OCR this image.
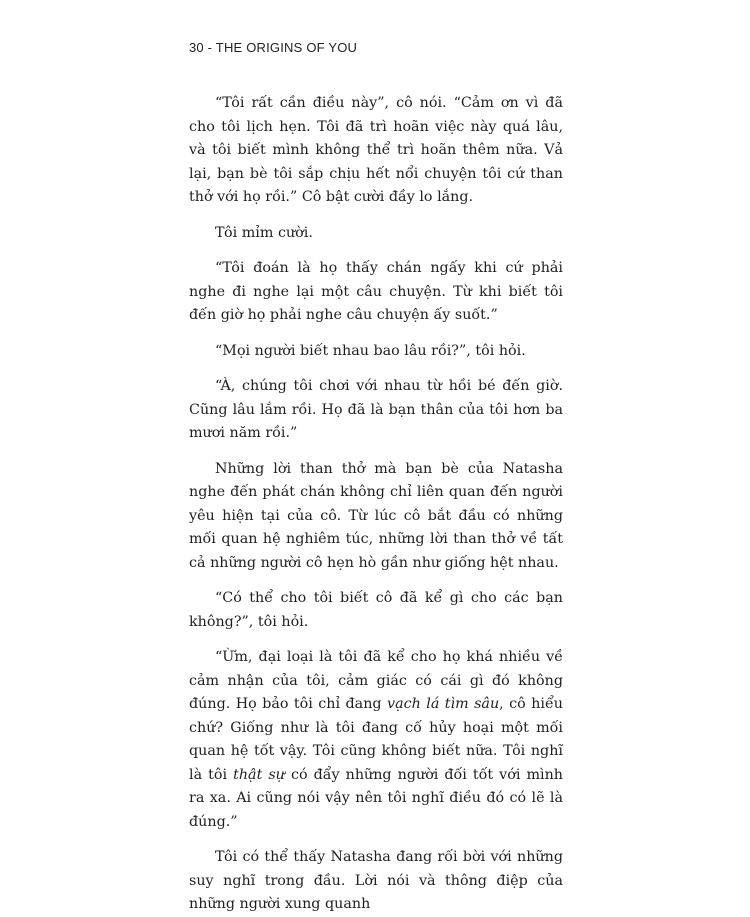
30 - THE ORIGINS OF YOU

“Tôi rất cần điều này”, cô nói. “Cảm ơn vì đã cho tôi lịch hẹn. Tôi đã trì hoãn việc này quá lâu, và tôi biết mình không thể trì hoãn thêm nữa. Vả lại, bạn bè tôi sắp chịu hết nổi chuyện tôi cứ than thở với họ rồi.” Cô bật cười đầy lo lắng.

Tôi mỉm cười.

“Tôi đoán là họ thấy chán ngấy khi cứ phải nghe đi nghe lại một câu chuyện. Từ khi biết tôi đến giờ họ phải nghe câu chuyện ấy suốt.”

“Mọi người biết nhau bao lâu rồi?”, tôi hỏi.

“À, chúng tôi chơi với nhau từ hồi bé đến giờ. Cũng lâu lắm rồi. Họ đã là bạn thân của tôi hơn ba mươi năm rồi.”

Những lời than thở mà bạn bè của Natasha nghe đến phát chán không chỉ liên quan đến người yêu hiện tại của cô. Từ lúc cô bắt đầu có những mối quan hệ nghiêm túc, những lời than thở về tất cả những người cô hẹn hò gần như giống hệt nhau.

“Có thể cho tôi biết cô đã kể gì cho các bạn không?”, tôi hỏi.

“Ừm, đại loại là tôi đã kể cho họ khá nhiều về cảm nhận của tôi, cảm giác có cái gì đó không đúng. Họ bảo tôi chỉ đang vạch lá tìm sâu, cô hiểu chứ? Giống như là tôi đang cố hủy hoại một mối quan hệ tốt vậy. Tôi cũng không biết nữa. Tôi nghĩ là tôi thật sự có đẩy những người đối tốt với mình ra xa. Ai cũng nói vậy nên tôi nghĩ điều đó có lẽ là đúng.”

Tôi có thể thấy Natasha đang rối bời với những suy nghĩ trong đầu. Lời nói và thông điệp của những người xung quanh
